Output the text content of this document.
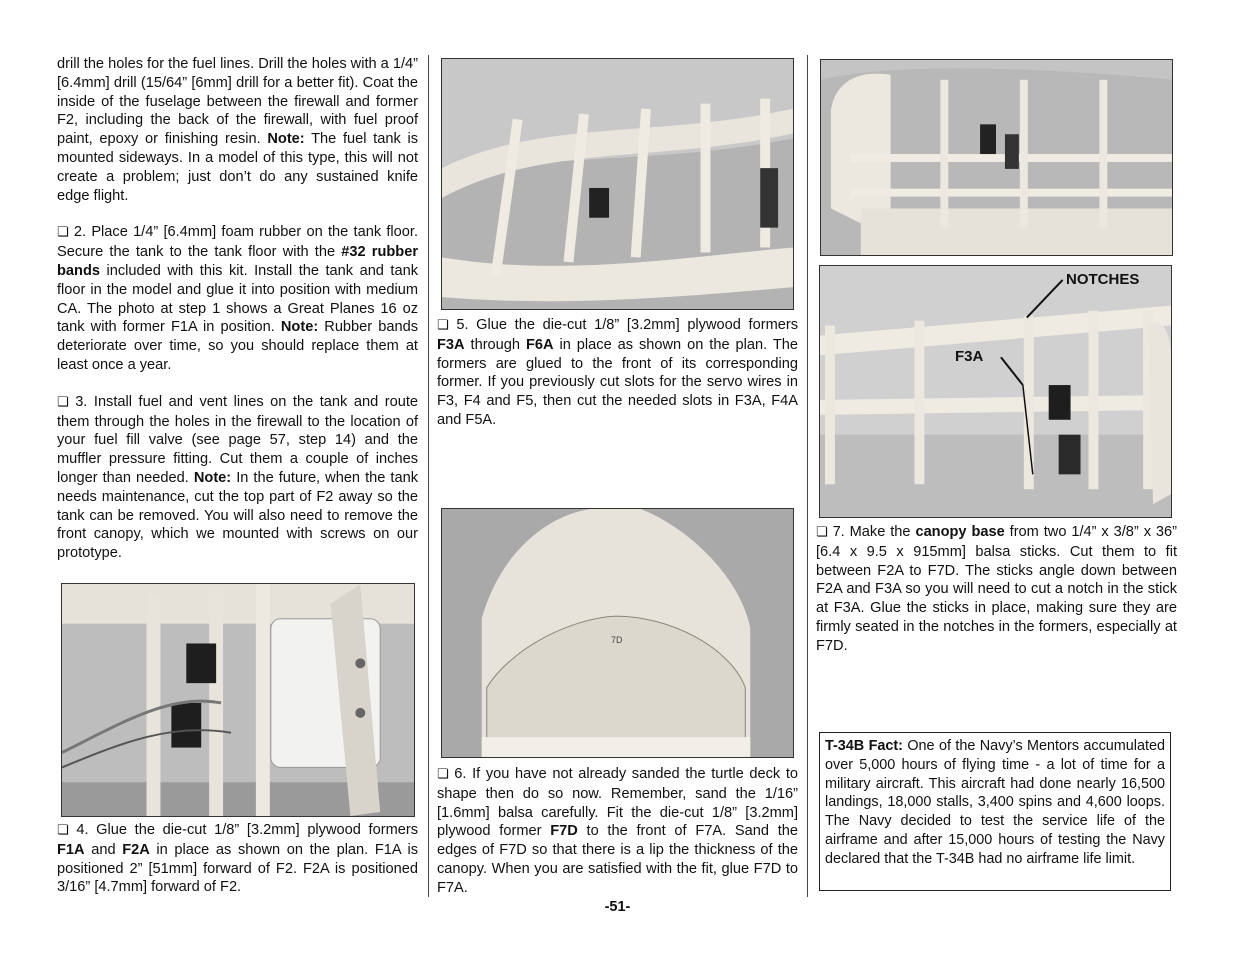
drill the holes for the fuel lines. Drill the holes with a 1/4” [6.4mm] drill (15/64” [6mm] drill for a better fit). Coat the inside of the fuselage between the firewall and former F2, including the back of the firewall, with fuel proof paint, epoxy or finishing resin. Note: The fuel tank is mounted sideways. In a model of this type, this will not create a problem; just don’t do any sustained knife edge flight.

❏ 2. Place 1/4” [6.4mm] foam rubber on the tank floor. Secure the tank to the tank floor with the #32 rubber bands included with this kit. Install the tank and tank floor in the model and glue it into position with medium CA. The photo at step 1 shows a Great Planes 16 oz tank with former F1A in position. Note: Rubber bands deteriorate over time, so you should replace them at least once a year.

❏ 3. Install fuel and vent lines on the tank and route them through the holes in the firewall to the location of your fuel fill valve (see page 57, step 14) and the muffler pressure fitting. Cut them a couple of inches longer than needed. Note: In the future, when the tank needs maintenance, cut the top part of F2 away so the tank can be removed. You will also need to remove the front canopy, which we mounted with screws on our prototype.

❏ 4. Glue the die-cut 1/8” [3.2mm] plywood formers F1A and F2A in place as shown on the plan. F1A is positioned 2” [51mm] forward of F2. F2A is positioned 3/16” [4.7mm] forward of F2.
❏ 5. Glue the die-cut 1/8” [3.2mm] plywood formers F3A through F6A in place as shown on the plan. The formers are glued to the front of its corresponding former. If you previously cut slots for the servo wires in F3, F4 and F5, then cut the needed slots in F3A, F4A and F5A.
7D
❏ 6. If you have not already sanded the turtle deck to shape then do so now. Remember, sand the 1/16” [1.6mm] balsa carefully. Fit the die-cut 1/8” [3.2mm] plywood former F7D to the front of F7A. Sand the edges of F7D so that there is a lip the thickness of the canopy. When you are satisfied with the fit, glue F7D to F7A.
NOTCHES
F3A
❏ 7. Make the canopy base from two 1/4” x 3/8” x 36” [6.4 x 9.5 x 915mm] balsa sticks. Cut them to fit between F2A to F7D. The sticks angle down between F2A and F3A so you will need to cut a notch in the stick at F3A. Glue the sticks in place, making sure they are firmly seated in the notches in the formers, especially at F7D.
T-34B Fact: One of the Navy’s Mentors accumulated over 5,000 hours of flying time - a lot of time for a military aircraft. This aircraft had done nearly 16,500 landings, 18,000 stalls, 3,400 spins and 4,600 loops. The Navy decided to test the service life of the airframe and after 15,000 hours of testing the Navy declared that the T-34B had no airframe life limit.
-51-
